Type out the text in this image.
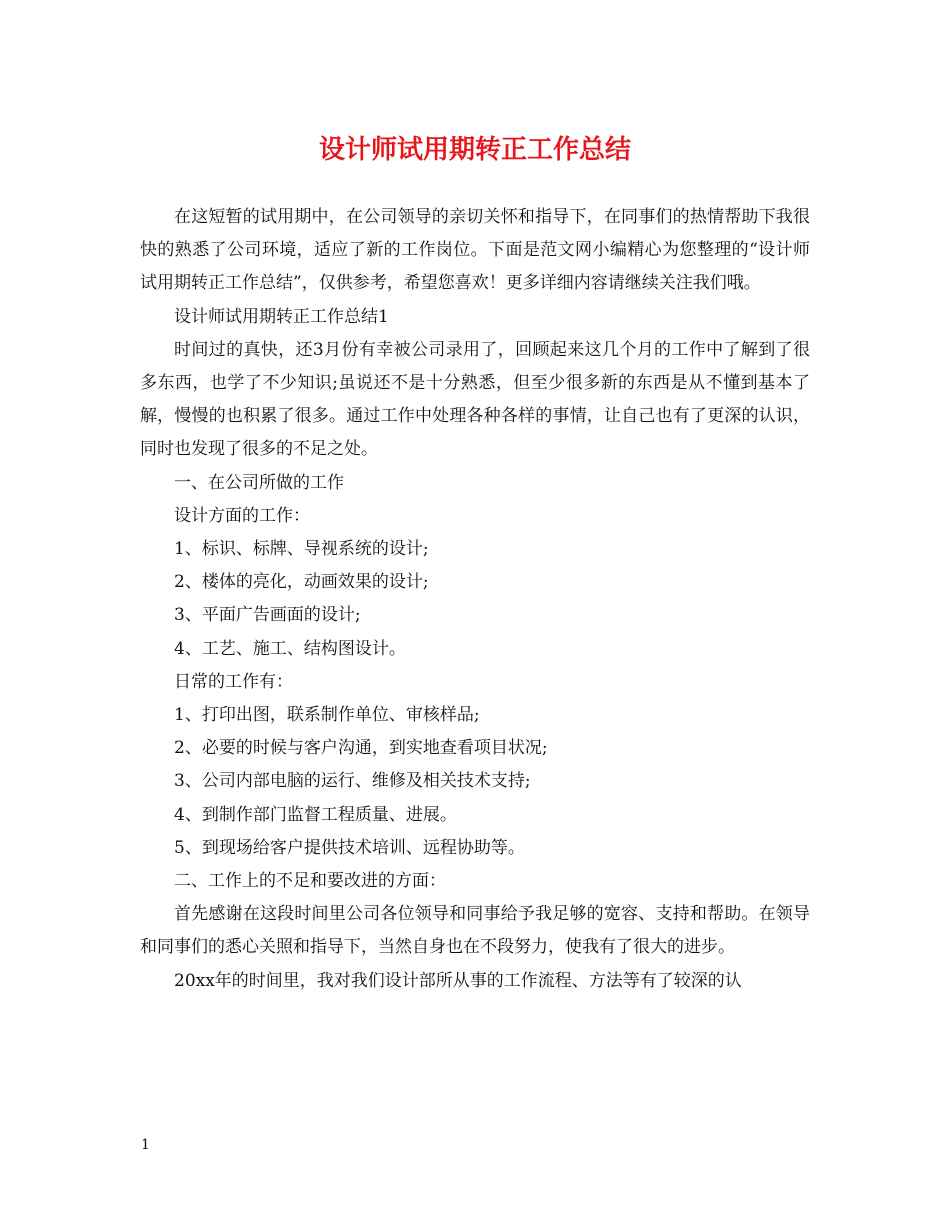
设计师试用期转正工作总结

在这短暂的试用期中，在公司领导的亲切关怀和指导下，在同事们的热情帮助下我很快的熟悉了公司环境，适应了新的工作岗位。下面是范文网小编精心为您整理的“设计师试用期转正工作总结”，仅供参考，希望您喜欢！更多详细内容请继续关注我们哦。

设计师试用期转正工作总结1

时间过的真快，还3月份有幸被公司录用了，回顾起来这几个月的工作中了解到了很多东西，也学了不少知识;虽说还不是十分熟悉，但至少很多新的东西是从不懂到基本了解，慢慢的也积累了很多。通过工作中处理各种各样的事情，让自己也有了更深的认识，同时也发现了很多的不足之处。

一、在公司所做的工作

设计方面的工作：

1、标识、标牌、导视系统的设计;

2、楼体的亮化，动画效果的设计;

3、平面广告画面的设计;

4、工艺、施工、结构图设计。

日常的工作有：

1、打印出图，联系制作单位、审核样品;

2、必要的时候与客户沟通，到实地查看项目状况;

3、公司内部电脑的运行、维修及相关技术支持;

4、到制作部门监督工程质量、进展。

5、到现场给客户提供技术培训、远程协助等。

二、工作上的不足和要改进的方面：

首先感谢在这段时间里公司各位领导和同事给予我足够的宽容、支持和帮助。在领导和同事们的悉心关照和指导下，当然自身也在不段努力，使我有了很大的进步。

20xx年的时间里，我对我们设计部所从事的工作流程、方法等有了较深的认

1
